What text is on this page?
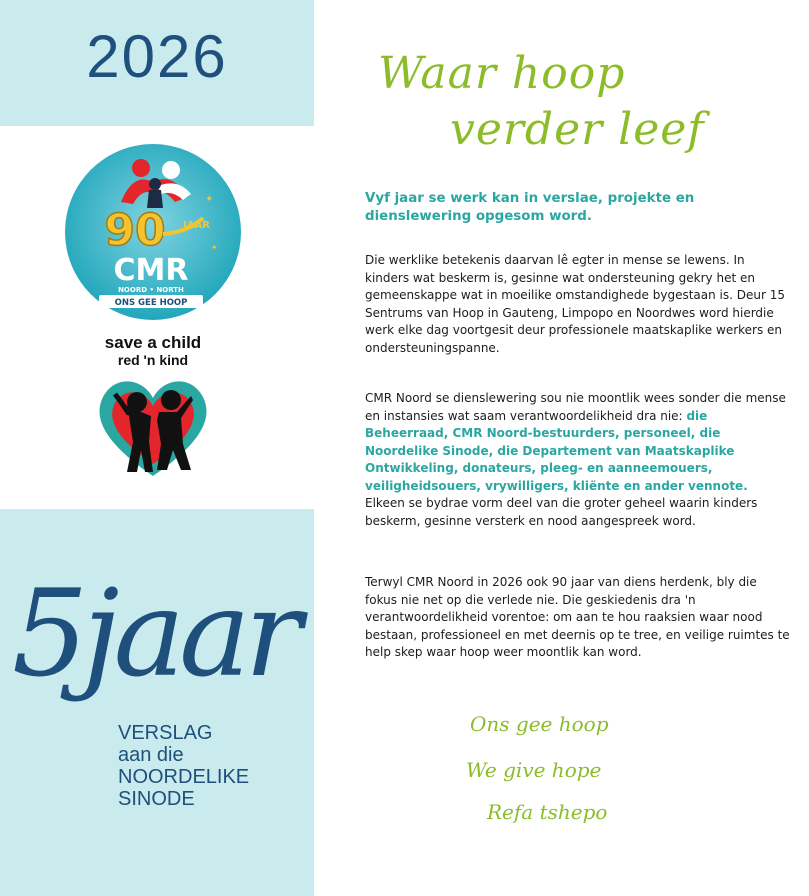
2026
90 JAAR
CMR
NOORD • NORTH
ONS GEE HOOP
✦
✦
save a child
red 'n kind
5jaar
VERSLAG
aan die
NOORDELIKE
SINODE
Waar hoop
verder leef
Vyf jaar se werk kan in verslae, projekte en dienslewering opgesom word.
Die werklike betekenis daarvan lê egter in mense se lewens. In kinders wat beskerm is, gesinne wat ondersteuning gekry het en gemeenskappe wat in moeilike omstandighede bygestaan is. Deur 15 Sentrums van Hoop in Gauteng, Limpopo en Noordwes word hierdie werk elke dag voortgesit deur professionele maatskaplike werkers en ondersteuningspanne.
CMR Noord se dienslewering sou nie moontlik wees sonder die mense en instansies wat saam verantwoordelikheid dra nie: die Beheerraad, CMR Noord-bestuurders, personeel, die Noordelike Sinode, die Departement van Maatskaplike Ontwikkeling, donateurs, pleeg- en aanneemouers, veiligheidsouers, vrywilligers, kliënte en ander vennote. Elkeen se bydrae vorm deel van die groter geheel waarin kinders beskerm, gesinne versterk en nood aangespreek word.
Terwyl CMR Noord in 2026 ook 90 jaar van diens herdenk, bly die fokus nie net op die verlede nie. Die geskiedenis dra 'n verantwoordelikheid vorentoe: om aan te hou raaksien waar nood bestaan, professioneel en met deernis op te tree, en veilige ruimtes te help skep waar hoop weer moontlik kan word.
Ons gee hoop
We give hope
Refa tshepo
